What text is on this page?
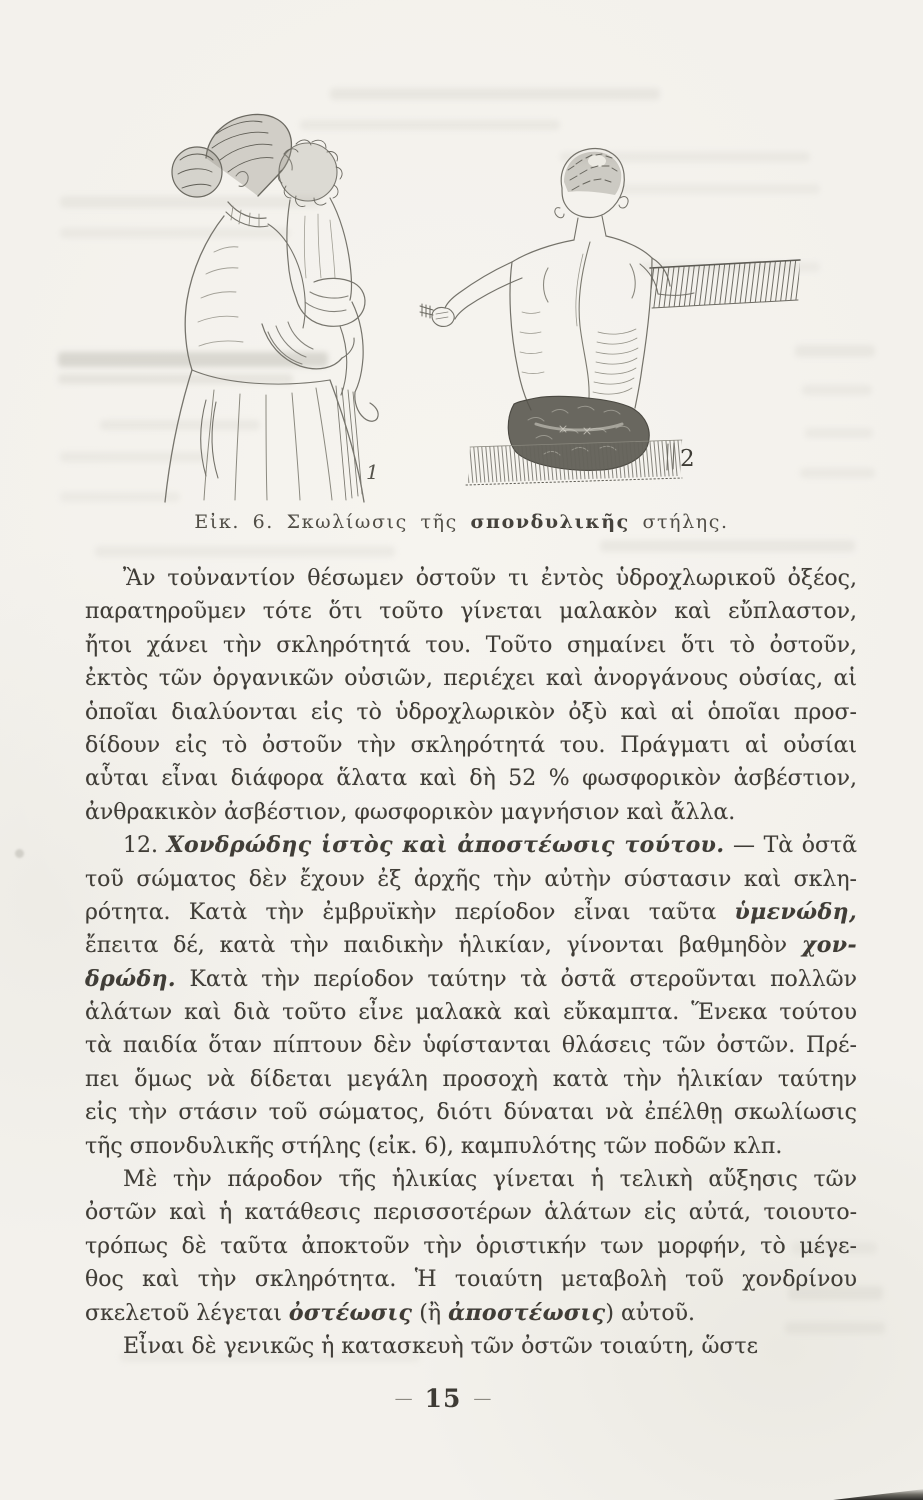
1	2
Εἰκ. 6. Σκωλίωσις τῆς σπονδυλικῆς στήλης.
Ἂν τοὐναντίον θέσωμεν ὀστοῦν τι ἐντὸς ὑδροχλωρικοῦ ὀξέος,
παρατηροῦμεν τότε ὅτι τοῦτο γίνεται μαλακὸν καὶ εὔπλαστον,
ἤτοι χάνει τὴν σκληρότητά του. Τοῦτο σημαίνει ὅτι τὸ ὀστοῦν,
ἐκτὸς τῶν ὀργανικῶν οὐσιῶν, περιέχει καὶ ἀνοργάνους οὐσίας, αἱ
ὁποῖαι διαλύονται εἰς τὸ ὑδροχλωρικὸν ὀξὺ καὶ αἱ ὁποῖαι προσ-
δίδουν εἰς τὸ ὀστοῦν τὴν σκληρότητά του. Πράγματι αἱ οὐσίαι
αὗται εἶναι διάφορα ἅλατα καὶ δὴ 52 % φωσφορικὸν ἀσβέστιον,
ἀνθρακικὸν ἀσβέστιον, φωσφορικὸν μαγνήσιον καὶ ἄλλα.
12. Χονδρώδης ἱστὸς καὶ ἀποστέωσις τούτου. — Τὰ ὀστᾶ
τοῦ σώματος δὲν ἔχουν ἐξ ἀρχῆς τὴν αὐτὴν σύστασιν καὶ σκλη-
ρότητα. Κατὰ τὴν ἐμβρυϊκὴν περίοδον εἶναι ταῦτα ὑμενώδη,
ἔπειτα δέ, κατὰ τὴν παιδικὴν ἡλικίαν, γίνονται βαθμηδὸν χον-
δρώδη. Κατὰ τὴν περίοδον ταύτην τὰ ὀστᾶ στεροῦνται πολλῶν
ἁλάτων καὶ διὰ τοῦτο εἶνε μαλακὰ καὶ εὔκαμπτα. Ἕνεκα τούτου
τὰ παιδία ὅταν πίπτουν δὲν ὑφίστανται θλάσεις τῶν ὀστῶν. Πρέ-
πει ὅμως νὰ δίδεται μεγάλη προσοχὴ κατὰ τὴν ἡλικίαν ταύτην
εἰς τὴν στάσιν τοῦ σώματος, διότι δύναται νὰ ἐπέλθῃ σκωλίωσις
τῆς σπονδυλικῆς στήλης (εἰκ. 6), καμπυλότης τῶν ποδῶν κλπ.
Μὲ τὴν πάροδον τῆς ἡλικίας γίνεται ἡ τελικὴ αὔξησις τῶν
ὀστῶν καὶ ἡ κατάθεσις περισσοτέρων ἁλάτων εἰς αὐτά, τοιουτο-
τρόπως δὲ ταῦτα ἀποκτοῦν τὴν ὁριστικήν των μορφήν, τὸ μέγε-
θος καὶ τὴν σκληρότητα. Ἡ τοιαύτη μεταβολὴ τοῦ χονδρίνου
σκελετοῦ λέγεται ὀστέωσις (ἢ ἀποστέωσις) αὐτοῦ.
Εἶναι δὲ γενικῶς ἡ κατασκευὴ τῶν ὀστῶν τοιαύτη, ὥστε
— 15 —
